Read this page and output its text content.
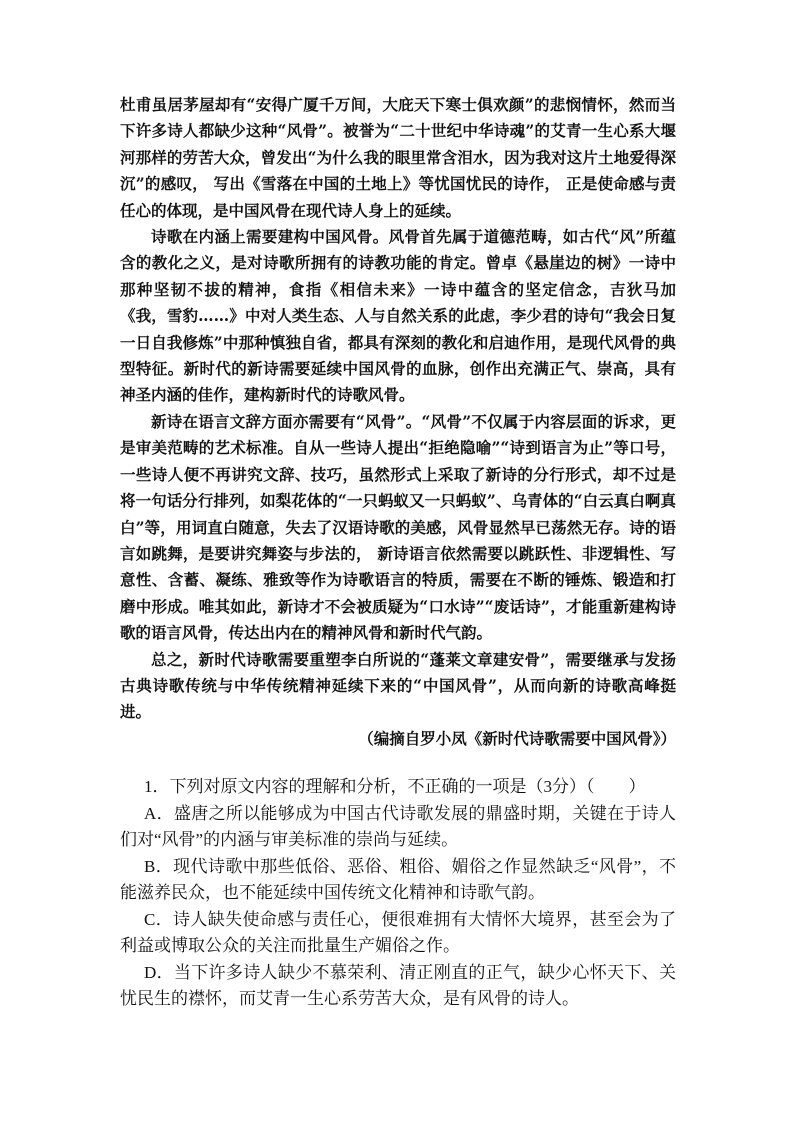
杜甫虽居茅屋却有“安得广厦千万间，大庇天下寒士俱欢颜”的悲悯情怀，然而当下许多诗人都缺少这种“风骨”。被誉为“二十世纪中华诗魂”的艾青一生心系大堰河那样的劳苦大众，曾发出“为什么我的眼里常含泪水，因为我对这片土地爱得深沉”的感叹， 写出《雪落在中国的土地上》等忧国忧民的诗作， 正是使命感与责任心的体现，是中国风骨在现代诗人身上的延续。

诗歌在内涵上需要建构中国风骨。风骨首先属于道德范畴，如古代“风”所蕴含的教化之义，是对诗歌所拥有的诗教功能的肯定。曾卓《悬崖边的树》一诗中那种坚韧不拔的精神，食指《相信未来》一诗中蕴含的坚定信念，吉狄马加《我，雪豹……》中对人类生态、人与自然关系的此虑，李少君的诗句“我会日复一日自我修炼”中那种慎独自省，都具有深刻的教化和启迪作用，是现代风骨的典型特征。新时代的新诗需要延续中国风骨的血脉，创作出充满正气、崇高，具有神圣内涵的佳作，建构新时代的诗歌风骨。

新诗在语言文辞方面亦需要有“风骨”。“风骨”不仅属于内容层面的诉求，更是审美范畴的艺术标准。自从一些诗人提出“拒绝隐喻”“诗到语言为止”等口号，一些诗人便不再讲究文辞、技巧，虽然形式上采取了新诗的分行形式，却不过是将一句话分行排列，如梨花体的“一只蚂蚁又一只蚂蚁”、乌青体的“白云真白啊真白”等，用词直白随意，失去了汉语诗歌的美感，风骨显然早已荡然无存。诗的语言如跳舞，是要讲究舞姿与步法的， 新诗语言依然需要以跳跃性、非逻辑性、写意性、含蓄、凝练、雅致等作为诗歌语言的特质，需要在不断的锤炼、锻造和打磨中形成。唯其如此，新诗才不会被质疑为“口水诗”“废话诗”，才能重新建构诗歌的语言风骨，传达出内在的精神风骨和新时代气韵。

总之，新时代诗歌需要重塑李白所说的“蓬莱文章建安骨”，需要继承与发扬古典诗歌传统与中华传统精神延续下来的“中国风骨”，从而向新的诗歌高峰挺进。

（编摘自罗小凤《新时代诗歌需要中国风骨》）

1．下列对原文内容的理解和分析，不正确的一项是（3分）（　　）

A．盛唐之所以能够成为中国古代诗歌发展的鼎盛时期，关键在于诗人们对“风骨”的内涵与审美标准的崇尚与延续。

B．现代诗歌中那些低俗、恶俗、粗俗、媚俗之作显然缺乏“风骨”，不能滋养民众，也不能延续中国传统文化精神和诗歌气韵。

C．诗人缺失使命感与责任心，便很难拥有大情怀大境界，甚至会为了利益或博取公众的关注而批量生产媚俗之作。

D．当下许多诗人缺少不慕荣利、清正刚直的正气，缺少心怀天下、关忧民生的襟怀，而艾青一生心系劳苦大众，是有风骨的诗人。
